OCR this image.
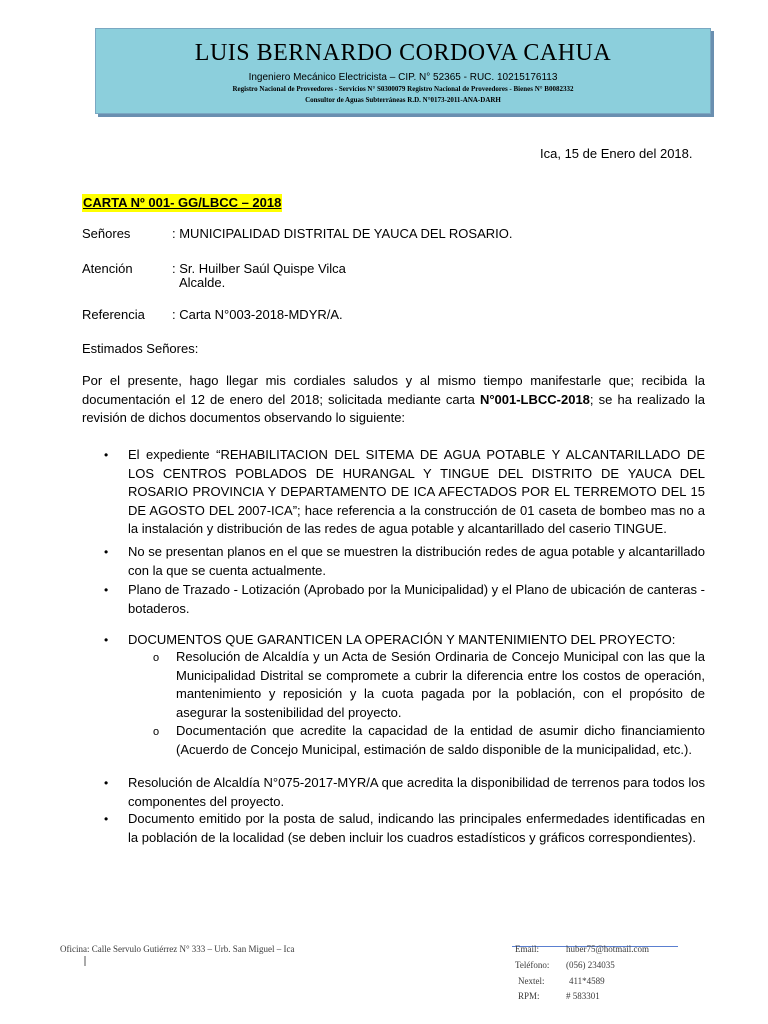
LUIS BERNARDO CORDOVA CAHUA
Ingeniero Mecánico Electricista – CIP. N° 52365 - RUC. 10215176113
Registro Nacional de Proveedores - Servicios N° S0300079 Registro Nacional de Proveedores - Bienes N° B0082332
Consultor de Aguas Subterráneas R.D. N°0173-2011-ANA-DARH
Ica, 15 de Enero del 2018.
CARTA Nº 001- GG/LBCC – 2018
Señores	: MUNICIPALIDAD DISTRITAL DE YAUCA DEL ROSARIO.
Atención	: Sr. Huilber Saúl Quispe Vilca
Alcalde.
Referencia : Carta N°003-2018-MDYR/A.
Estimados Señores:
Por el presente, hago llegar mis cordiales saludos y al mismo tiempo manifestarle que; recibida la documentación el 12 de enero del 2018; solicitada mediante carta N°001-LBCC-2018; se ha realizado la revisión de dichos documentos observando lo siguiente:
• El expediente “REHABILITACION DEL SITEMA DE AGUA POTABLE Y ALCANTARILLADO DE LOS CENTROS POBLADOS DE HURANGAL Y TINGUE DEL DISTRITO DE YAUCA DEL ROSARIO PROVINCIA Y DEPARTAMENTO DE ICA AFECTADOS POR EL TERREMOTO DEL 15 DE AGOSTO DEL 2007-ICA”; hace referencia a la construcción de 01 caseta de bombeo mas no a la instalación y distribución de las redes de agua potable y alcantarillado del caserio TINGUE.
• No se presentan planos en el que se muestren la distribución redes de agua potable y alcantarillado con la que se cuenta actualmente.
• Plano de Trazado - Lotización (Aprobado por la Municipalidad) y el Plano de ubicación de canteras - botaderos.
• DOCUMENTOS QUE GARANTICEN LA OPERACIÓN Y MANTENIMIENTO DEL PROYECTO:
o Resolución de Alcaldía y un Acta de Sesión Ordinaria de Concejo Municipal con las que la Municipalidad Distrital se compromete a cubrir la diferencia entre los costos de operación, mantenimiento y reposición y la cuota pagada por la población, con el propósito de asegurar la sostenibilidad del proyecto.
o Documentación que acredite la capacidad de la entidad de asumir dicho financiamiento (Acuerdo de Concejo Municipal, estimación de saldo disponible de la municipalidad, etc.).
• Resolución de Alcaldía N°075-2017-MYR/A que acredita la disponibilidad de terrenos para todos los componentes del proyecto.
• Documento emitido por la posta de salud, indicando las principales enfermedades identificadas en la población de la localidad (se deben incluir los cuadros estadísticos y gráficos correspondientes).
Oficina: Calle Servulo Gutiérrez N° 333 – Urb. San Miguel – Ica	Email:	huber75@hotmail.com
Teléfono: (056) 234035
Nextel:	411*4589
RPM:	# 583301
